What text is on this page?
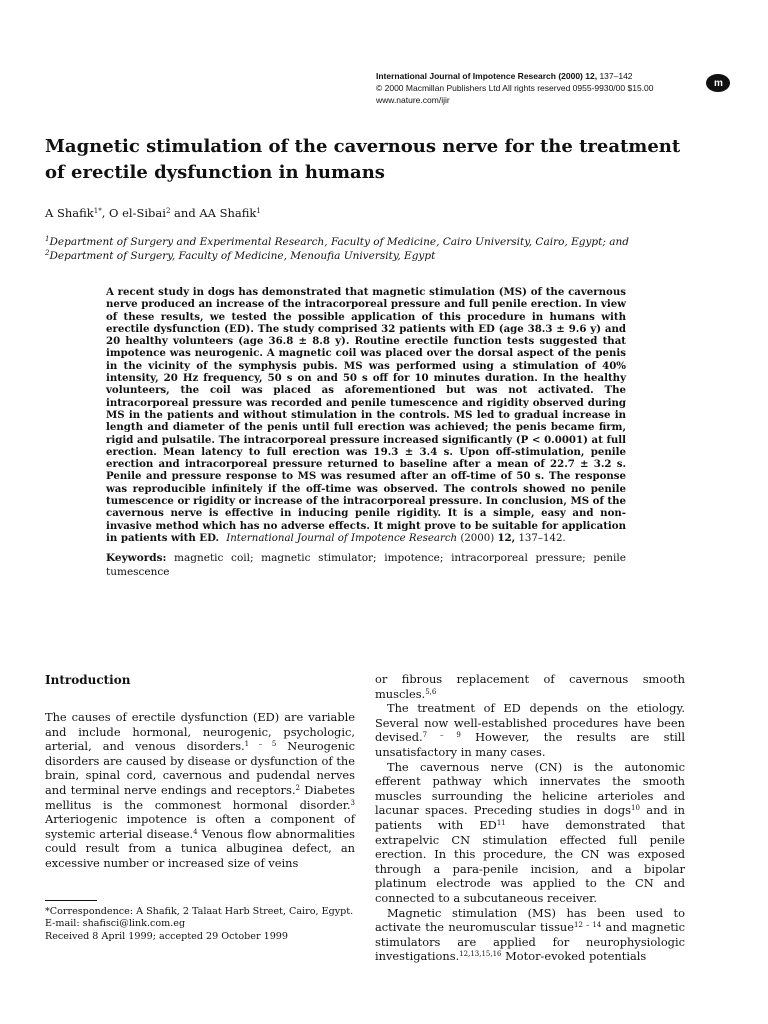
International Journal of Impotence Research (2000) 12, 137–142
© 2000 Macmillan Publishers Ltd All rights reserved 0955-9930/00 $15.00
www.nature.com/ijir
m
Magnetic stimulation of the cavernous nerve for the treatment of erectile dysfunction in humans
A Shafik$^{1*}$, O el-Sibai$^2$ and AA Shafik$^1$
$^1$Department of Surgery and Experimental Research, Faculty of Medicine, Cairo University, Cairo, Egypt; and
$^2$Department of Surgery, Faculty of Medicine, Menoufia University, Egypt

A recent study in dogs has demonstrated that magnetic stimulation (MS) of the cavernous nerve produced an increase of the intracorporeal pressure and full penile erection. In view of these results, we tested the possible application of this procedure in humans with erectile dysfunction (ED). The study comprised 32 patients with ED (age 38.3 ± 9.6 y) and 20 healthy volunteers (age 36.8 ± 8.8 y). Routine erectile function tests suggested that impotence was neurogenic. A magnetic coil was placed over the dorsal aspect of the penis in the vicinity of the symphysis pubis. MS was performed using a stimulation of 40% intensity, 20 Hz frequency, 50 s on and 50 s off for 10 minutes duration. In the healthy volunteers, the coil was placed as aforementioned but was not activated. The intracorporeal pressure was recorded and penile tumescence and rigidity observed during MS in the patients and without stimulation in the controls. MS led to gradual increase in length and diameter of the penis until full erection was achieved; the penis became firm, rigid and pulsatile. The intracorporeal pressure increased significantly (P < 0.0001) at full erection. Mean latency to full erection was 19.3 ± 3.4 s. Upon off-stimulation, penile erection and intracorporeal pressure returned to baseline after a mean of 22.7 ± 3.2 s. Penile and pressure response to MS was resumed after an off-time of 50 s. The response was reproducible infinitely if the off-time was observed. The controls showed no penile tumescence or rigidity or increase of the intracorporeal pressure. In conclusion, MS of the cavernous nerve is effective in inducing penile rigidity. It is a simple, easy and non-invasive method which has no adverse effects. It might prove to be suitable for application in patients with ED. International Journal of Impotence Research (2000) 12, 137–142.

Keywords: magnetic coil; magnetic stimulator; impotence; intracorporeal pressure; penile tumescence

Introduction

The causes of erectile dysfunction (ED) are variable and include hormonal, neurogenic, psychologic, arterial, and venous disorders.$^{1 - 5}$ Neurogenic disorders are caused by disease or dysfunction of the brain, spinal cord, cavernous and pudendal nerves and terminal nerve endings and receptors.$^2$ Diabetes mellitus is the commonest hormonal disorder.$^3$ Arteriogenic impotence is often a component of systemic arterial disease.$^4$ Venous flow abnormalities could result from a tunica albuginea defect, an excessive number or increased size of veins

*Correspondence: A Shafik, 2 Talaat Harb Street, Cairo, Egypt.
E-mail: shafisci@link.com.eg
Received 8 April 1999; accepted 29 October 1999

or fibrous replacement of cavernous smooth muscles.$^{5,6}$

The treatment of ED depends on the etiology. Several now well-established procedures have been devised.$^{7 - 9}$ However, the results are still unsatisfactory in many cases.

The cavernous nerve (CN) is the autonomic efferent pathway which innervates the smooth muscles surrounding the helicine arterioles and lacunar spaces. Preceding studies in dogs$^{10}$ and in patients with ED$^{11}$ have demonstrated that extrapelvic CN stimulation effected full penile erection. In this procedure, the CN was exposed through a para-penile incision, and a bipolar platinum electrode was applied to the CN and connected to a subcutaneous receiver.

Magnetic stimulation (MS) has been used to activate the neuromuscular tissue$^{12 - 14}$ and magnetic stimulators are applied for neurophysiologic investigations.$^{12,13,15,16}$ Motor-evoked potentials
